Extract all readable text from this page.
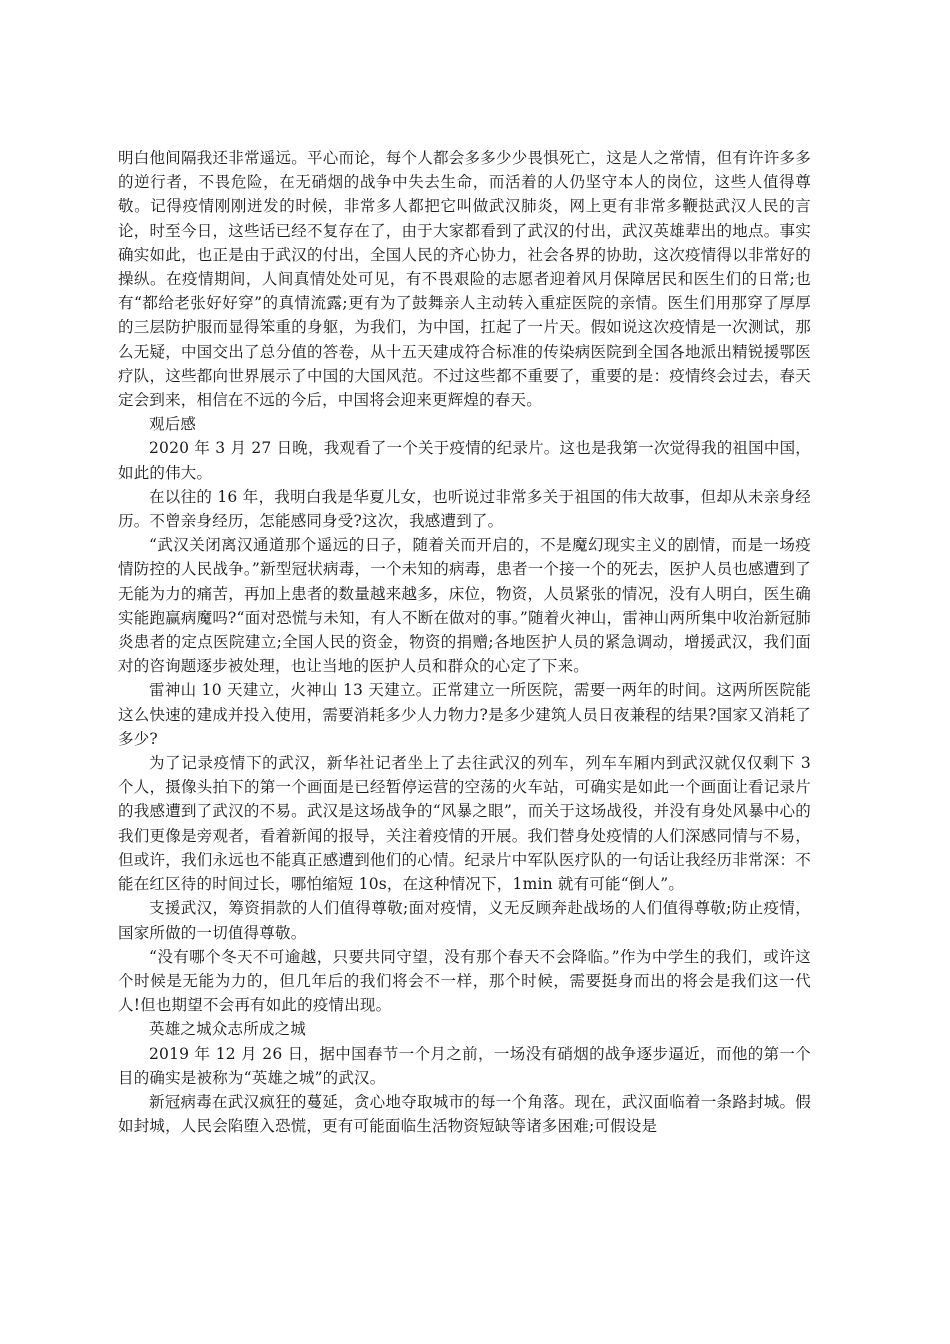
明白他间隔我还非常遥远。平心而论，每个人都会多多少少畏惧死亡，这是人之常情，但有许许多多的逆行者，不畏危险，在无硝烟的战争中失去生命，而活着的人仍坚守本人的岗位，这些人值得尊敬。记得疫情刚刚迸发的时候，非常多人都把它叫做武汉肺炎，网上更有非常多鞭挞武汉人民的言论，时至今日，这些话已经不复存在了，由于大家都看到了武汉的付出，武汉英雄辈出的地点。事实确实如此，也正是由于武汉的付出，全国人民的齐心协力，社会各界的协助，这次疫情得以非常好的操纵。在疫情期间，人间真情处处可见，有不畏艰险的志愿者迎着风月保障居民和医生们的日常;也有“都给老张好好穿”的真情流露;更有为了鼓舞亲人主动转入重症医院的亲情。医生们用那穿了厚厚的三层防护服而显得笨重的身躯，为我们，为中国，扛起了一片天。假如说这次疫情是一次测试，那么无疑，中国交出了总分值的答卷，从十五天建成符合标准的传染病医院到全国各地派出精锐援鄂医疗队，这些都向世界展示了中国的大国风范。不过这些都不重要了，重要的是：疫情终会过去，春天定会到来，相信在不远的今后，中国将会迎来更辉煌的春天。

观后感

2020 年 3 月 27 日晚，我观看了一个关于疫情的纪录片。这也是我第一次觉得我的祖国中国，如此的伟大。

在以往的 16 年，我明白我是华夏儿女，也听说过非常多关于祖国的伟大故事，但却从未亲身经历。不曾亲身经历，怎能感同身受?这次，我感遭到了。

“武汉关闭离汉通道那个遥远的日子，随着关而开启的，不是魔幻现实主义的剧情，而是一场疫情防控的人民战争。”新型冠状病毒，一个未知的病毒，患者一个接一个的死去，医护人员也感遭到了无能为力的痛苦，再加上患者的数量越来越多，床位，物资，人员紧张的情况，没有人明白，医生确实能跑赢病魔吗?“面对恐慌与未知，有人不断在做对的事。”随着火神山，雷神山两所集中收治新冠肺炎患者的定点医院建立;全国人民的资金，物资的捐赠;各地医护人员的紧急调动，增援武汉，我们面对的咨询题逐步被处理，也让当地的医护人员和群众的心定了下来。

雷神山 10 天建立，火神山 13 天建立。正常建立一所医院，需要一两年的时间。这两所医院能这么快速的建成并投入使用，需要消耗多少人力物力?是多少建筑人员日夜兼程的结果?国家又消耗了多少?

为了记录疫情下的武汉，新华社记者坐上了去往武汉的列车，列车车厢内到武汉就仅仅剩下 3 个人，摄像头拍下的第一个画面是已经暂停运营的空荡的火车站，可确实是如此一个画面让看记录片的我感遭到了武汉的不易。武汉是这场战争的“风暴之眼”，而关于这场战役，并没有身处风暴中心的我们更像是旁观者，看着新闻的报导，关注着疫情的开展。我们替身处疫情的人们深感同情与不易，但或许，我们永远也不能真正感遭到他们的心情。纪录片中军队医疗队的一句话让我经历非常深：不能在红区待的时间过长，哪怕缩短 10s，在这种情况下，1min 就有可能“倒人”。

支援武汉，筹资捐款的人们值得尊敬;面对疫情，义无反顾奔赴战场的人们值得尊敬;防止疫情，国家所做的一切值得尊敬。

“没有哪个冬天不可逾越，只要共同守望，没有那个春天不会降临。”作为中学生的我们，或许这个时候是无能为力的，但几年后的我们将会不一样，那个时候，需要挺身而出的将会是我们这一代人!但也期望不会再有如此的疫情出现。

英雄之城众志所成之城

2019 年 12 月 26 日，据中国春节一个月之前，一场没有硝烟的战争逐步逼近，而他的第一个目的确实是被称为“英雄之城”的武汉。

新冠病毒在武汉疯狂的蔓延，贪心地夺取城市的每一个角落。现在，武汉面临着一条路封城。假如封城，人民会陷堕入恐慌，更有可能面临生活物资短缺等诸多困难;可假设是
